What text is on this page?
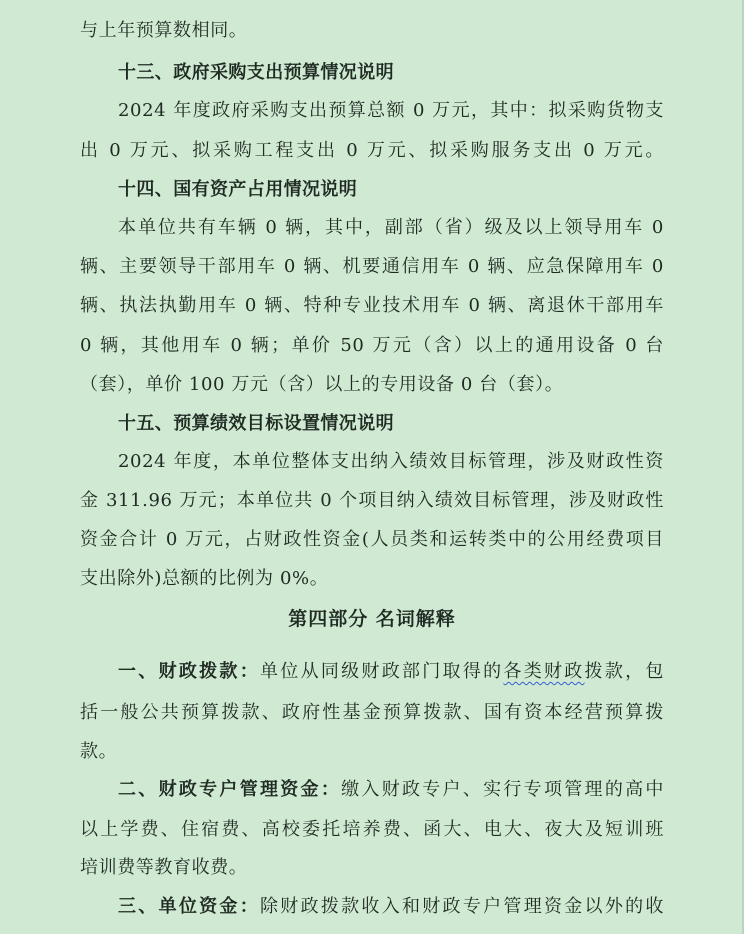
与上年预算数相同。
十三、政府采购支出预算情况说明
2024 年度政府采购支出预算总额 0 万元，其中：拟采购货物支
出 0 万元、拟采购工程支出 0 万元、拟采购服务支出 0 万元。
十四、国有资产占用情况说明
本单位共有车辆 0 辆，其中，副部（省）级及以上领导用车 0
辆、主要领导干部用车 0 辆、机要通信用车 0 辆、应急保障用车 0
辆、执法执勤用车 0 辆、特种专业技术用车 0 辆、离退休干部用车
0 辆，其他用车 0 辆；单价 50 万元（含）以上的通用设备 0 台
（套），单价 100 万元（含）以上的专用设备 0 台（套）。
十五、预算绩效目标设置情况说明
2024 年度，本单位整体支出纳入绩效目标管理，涉及财政性资
金 311.96 万元；本单位共 0 个项目纳入绩效目标管理，涉及财政性
资金合计 0 万元，占财政性资金(人员类和运转类中的公用经费项目
支出除外)总额的比例为 0%。
第四部分 名词解释
一、财政拨款：单位从同级财政部门取得的各类财政拨款，包
括一般公共预算拨款、政府性基金预算拨款、国有资本经营预算拨
款。
二、财政专户管理资金：缴入财政专户、实行专项管理的高中
以上学费、住宿费、高校委托培养费、函大、电大、夜大及短训班
培训费等教育收费。
三、单位资金：除财政拨款收入和财政专户管理资金以外的收
